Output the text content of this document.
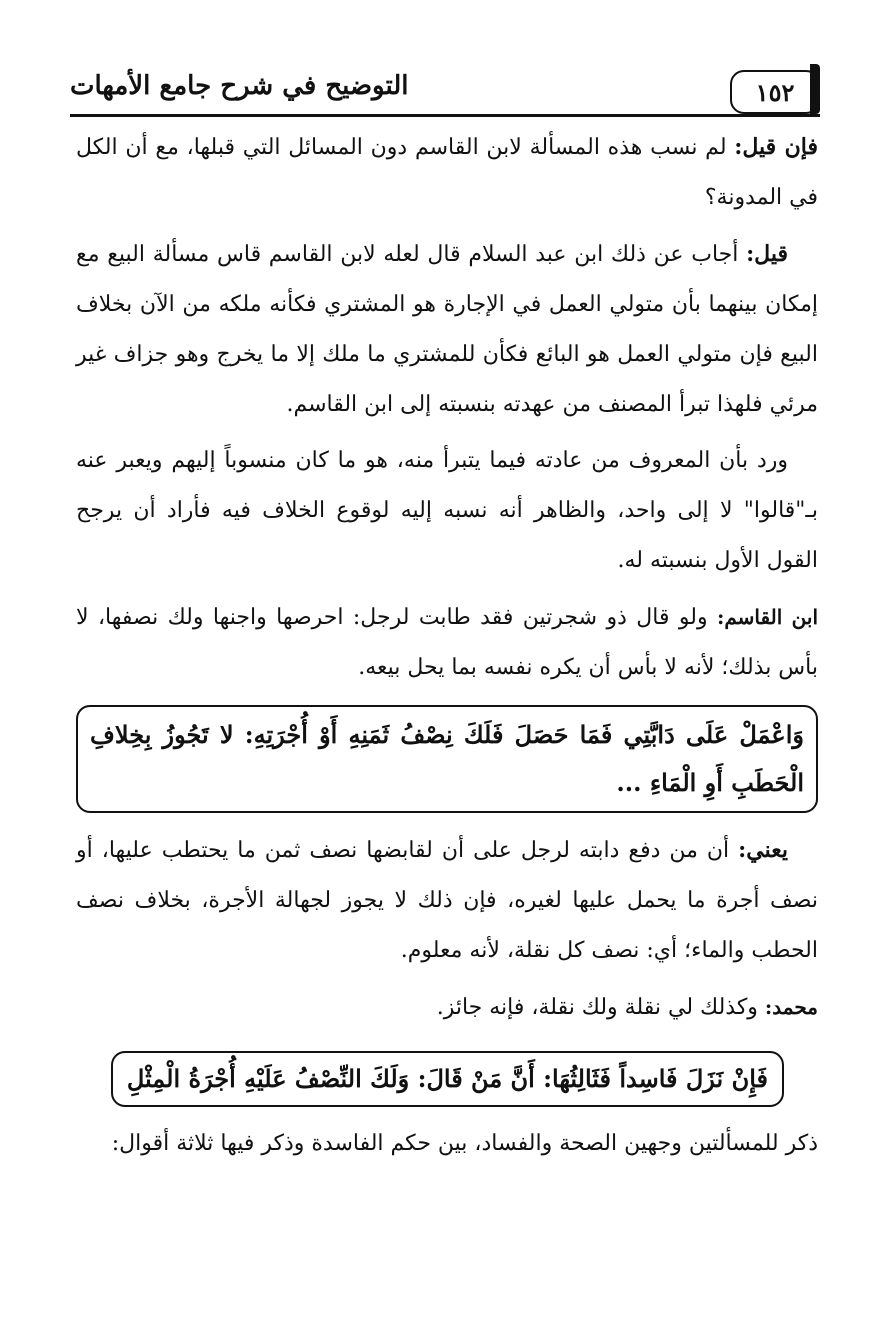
١٥٢
التوضيح في شرح جامع الأمهات

فإن قيل: لم نسب هذه المسألة لابن القاسم دون المسائل التي قبلها، مع أن الكل في المدونة؟

قيل: أجاب عن ذلك ابن عبد السلام قال لعله لابن القاسم قاس مسألة البيع مع إمكان بينهما بأن متولي العمل في الإجارة هو المشتري فكأنه ملكه من الآن بخلاف البيع فإن متولي العمل هو البائع فكأن للمشتري ما ملك إلا ما يخرج وهو جزاف غير مرئي فلهذا تبرأ المصنف من عهدته بنسبته إلى ابن القاسم.

ورد بأن المعروف من عادته فيما يتبرأ منه، هو ما كان منسوباً إليهم ويعبر عنه بـ"قالوا" لا إلى واحد، والظاهر أنه نسبه إليه لوقوع الخلاف فيه فأراد أن يرجح القول الأول بنسبته له.

ابن القاسم: ولو قال ذو شجرتين فقد طابت لرجل: احرصها واجنها ولك نصفها، لا بأس بذلك؛ لأنه لا بأس أن يكره نفسه بما يحل بيعه.

وَاعْمَلْ عَلَى دَابَّتِي فَمَا حَصَلَ فَلَكَ نِصْفُ ثَمَنِهِ أَوْ أُجْرَتِهِ: لا تَجُوزُ بِخِلافِ الْحَطَبِ أَوِ الْمَاءِ ...

يعني: أن من دفع دابته لرجل على أن لقابضها نصف ثمن ما يحتطب عليها، أو نصف أجرة ما يحمل عليها لغيره، فإن ذلك لا يجوز لجهالة الأجرة، بخلاف نصف الحطب والماء؛ أي: نصف كل نقلة، لأنه معلوم.

محمد: وكذلك لي نقلة ولك نقلة، فإنه جائز.

فَإِنْ نَزَلَ فَاسِداً فَثَالِثُهَا: أَنَّ مَنْ قَالَ: وَلَكَ النِّصْفُ عَلَيْهِ أُجْرَةُ الْمِثْلِ

ذكر للمسألتين وجهين الصحة والفساد، بين حكم الفاسدة وذكر فيها ثلاثة أقوال:
